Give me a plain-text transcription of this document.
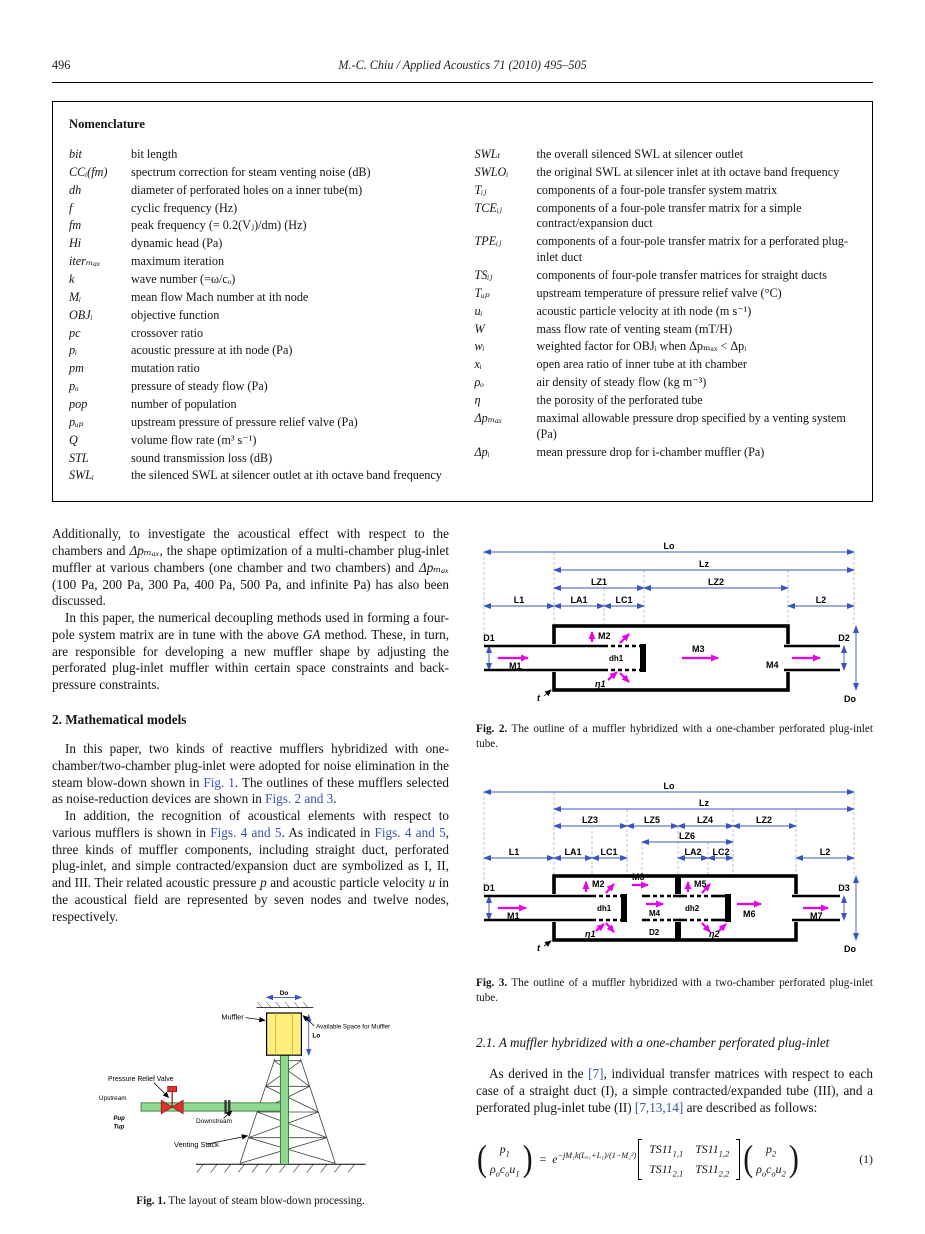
496	M.-C. Chiu / Applied Acoustics 71 (2010) 495–505
Nomenclature
bit	bit length
CCᵢ(fm)	spectrum correction for steam venting noise (dB)
dh	diameter of perforated holes on a inner tube(m)
f	cyclic frequency (Hz)
fm	peak frequency (= 0.2(Vⱼ)/dm) (Hz)
Hi	dynamic head (Pa)
iterₘₐₓ	maximum iteration
k	wave number (=ω/cₒ)
Mᵢ	mean flow Mach number at ith node
OBJᵢ	objective function
pc	crossover ratio
pᵢ	acoustic pressure at ith node (Pa)
pm	mutation ratio
pₒ	pressure of steady flow (Pa)
pop	number of population
pᵤₚ	upstream pressure of pressure relief valve (Pa)
Q	volume flow rate (m³ s⁻¹)
STL	sound transmission loss (dB)
SWLᵢ	the silenced SWL at silencer outlet at ith octave band frequency
SWLₜ	the overall silenced SWL at silencer outlet
SWLOᵢ	the original SWL at silencer inlet at ith octave band frequency
Tᵢⱼ	components of a four-pole transfer system matrix
TCEᵢⱼ	components of a four-pole transfer matrix for a simple contract/expansion duct
TPEᵢⱼ	components of a four-pole transfer matrix for a perforated plug-inlet duct
TSᵢⱼ	components of four-pole transfer matrices for straight ducts
Tᵤₚ	upstream temperature of pressure relief valve (°C)
uᵢ	acoustic particle velocity at ith node (m s⁻¹)
W	mass flow rate of venting steam (mT/H)
wᵢ	weighted factor for OBJᵢ when Δpₘₐₓ < Δpᵢ
xᵢ	open area ratio of inner tube at ith chamber
ρₒ	air density of steady flow (kg m⁻³)
η	the porosity of the perforated tube
Δpₘₐₓ	maximal allowable pressure drop specified by a venting system (Pa)
Δpᵢ	mean pressure drop for i-chamber muffler (Pa)

Additionally, to investigate the acoustical effect with respect to the chambers and Δpₘₐₓ, the shape optimization of a multi-chamber plug-inlet muffler at various chambers (one chamber and two chambers) and Δpₘₐₓ (100 Pa, 200 Pa, 300 Pa, 400 Pa, 500 Pa, and infinite Pa) has also been discussed.

In this paper, the numerical decoupling methods used in forming a four-pole system matrix are in tune with the above GA method. These, in turn, are responsible for developing a new muffler shape by adjusting the perforated plug-inlet muffler within certain space constraints and back-pressure constraints.

2. Mathematical models

In this paper, two kinds of reactive mufflers hybridized with one-chamber/two-chamber plug-inlet were adopted for noise elimination in the steam blow-down shown in Fig. 1. The outlines of these mufflers selected as noise-reduction devices are shown in Figs. 2 and 3.

In addition, the recognition of acoustical elements with respect to various mufflers is shown in Figs. 4 and 5. As indicated in Figs. 4 and 5, three kinds of muffler components, including straight duct, perforated plug-inlet, and simple contracted/expansion duct are symbolized as I, II, and III. Their related acoustic pressure p and acoustic particle velocity u in the acoustical field are represented by seven nodes and twelve nodes, respectively.

Muffler
Available Space for Muffler
Pressure Relief Valve
Upstream
Pup
Tup
Downstream
Venting Stack
Do
Lo
Fig. 1. The layout of steam blow-down processing.
Lo
Lz
LZ1	LZ2
L1	LA1	LC1	L2
D1	D2
Do
M1
M2
dh1
M3
M4
η1
t
Fig. 2. The outline of a muffler hybridized with a one-chamber perforated plug-inlet tube.
Lo
Lz
LZ3	LZ5	LZ4	LZ2
LZ6
L1	LA1 LC1	LA2 LC2	L2
D1	D3
Do
M1
M2
dh1
M3
M4
M5
dh2
M6	M7
η1	η2
D2
t
Fig. 3. The outline of a muffler hybridized with a two-chamber perforated plug-inlet tube.
2.1. A muffler hybridized with a one-chamber perforated plug-inlet

As derived in the [7], individual transfer matrices with respect to each case of a straight duct (I), a simple contracted/expanded tube (III), and a perforated plug-inlet tube (II) [7,13,14] are described as follows:

(
$p_1$
$\rho_oc_ou_1$
)
= $e^{-jM_1k(L_{a1}+L_1)/(1-M_1^2)}$
$TS11_{1,1}$ $TS11_{1,2}$
$TS11_{2,1}$ $TS11_{2,2}$
(
$p_2$
$\rho_oc_ou_2$
)
(1)
